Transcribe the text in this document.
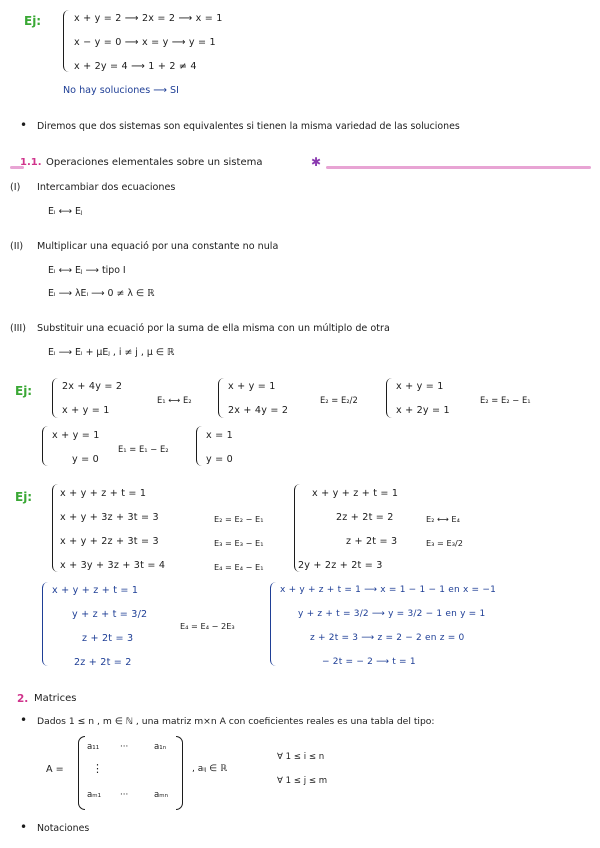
Ej:	x + y = 2 ⟶ 2x = 2 ⟶ x = 1
x − y = 0 ⟶ x = y ⟶ y = 1
x + 2y = 4 ⟶ 1 + 2 ≠ 4
No hay soluciones ⟶ SI
• Diremos que dos sistemas son equivalentes si tienen la misma variedad de las soluciones
1.1. Operaciones elementales sobre un sistema	✱
(I) Intercambiar dos ecuaciones
Eᵢ ⟷ Eⱼ
(II) Multiplicar una equació por una constante no nula
Eᵢ ⟷ Eⱼ ⟶ tipo I
Eᵢ ⟶ λEᵢ ⟶ 0 ≠ λ ∈ ℝ
(III) Substituir una ecuació por la suma de ella misma con un múltiplo de otra
Eᵢ ⟶ Eᵢ + μEⱼ , i ≠ j , μ ∈ ℝ
Ej:	2x + 4y = 2
x + y = 1
E₁ ⟷ E₂
x + y = 1
2x + 4y = 2
E₂ = E₂/2
x + y = 1
x + 2y = 1
E₂ = E₂ − E₁
x + y = 1
y = 0
E₁ = E₁ − E₂
x = 1
y = 0
Ej:	x + y + z + t = 1
x + y + 3z + 3t = 3
x + y + 2z + 3t = 3
x + 3y + 3z + 3t = 4
E₂ = E₂ − E₁
E₃ = E₃ − E₁
E₄ = E₄ − E₁
x + y + z + t = 1
2z + 2t = 2
z + 2t = 3
2y + 2z + 2t = 3
E₂ ⟷ E₄
E₃ = E₃/2
x + y + z + t = 1
y + z + t = 3/2
z + 2t = 3
2z + 2t = 2
E₄ = E₄ − 2E₃
x + y + z + t = 1 ⟶ x = 1 − 1 − 1 en x = −1
y + z + t = 3/2 ⟶ y = 3/2 − 1 en y = 1
z + 2t = 3 ⟶ z = 2 − 2 en z = 0
− 2t = − 2 ⟶ t = 1
2. Matrices
• Dados 1 ≤ n , m ∈ ℕ , una matriz m×n A con coeficientes reales es una tabla del tipo:
A =
a₁₁ ···	a₁ₙ
⋮
aₘ₁ ···	aₘₙ
, aᵢⱼ ∈ ℝ
∀ 1 ≤ i ≤ n
∀ 1 ≤ j ≤ m
• Notaciones
